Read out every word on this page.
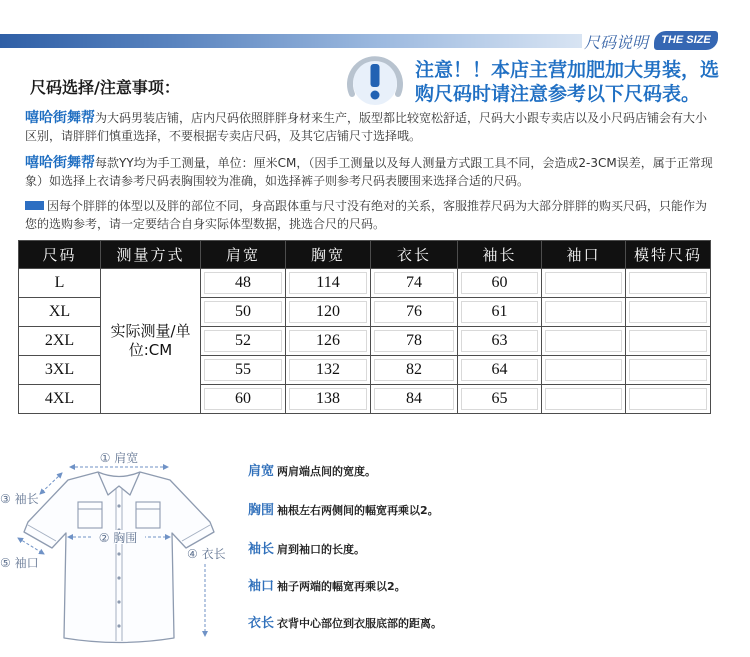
尺码说明	THE SIZE
尺码选择/注意事项：
注意！！本店主营加肥加大男装，选
购尺码时请注意参考以下尺码表。

嘻哈街舞帮为大码男装店铺，店内尺码依照胖胖身材来生产，版型都比较宽松舒适，尺码大小跟专卖店以及小尺码店铺会有大小区别，请胖胖们慎重选择，不要根据专卖店尺码，及其它店铺尺寸选择哦。

嘻哈街舞帮每款YY均为手工测量，单位：厘米CM，（因手工测量以及每人测量方式跟工具不同，会造成2-3CM误差，属于正常现象）如选择上衣请参考尺码表胸围较为准确，如选择裤子则参考尺码表腰围来选择合适的尺码。

因每个胖胖的体型以及胖的部位不同，身高跟体重与尺寸没有绝对的关系，客服推荐尺码为大部分胖胖的购买尺码，只能作为您的选购参考，请一定要结合自身实际体型数据，挑选合尺的尺码。

尺码	测量方式	肩宽	胸宽	衣长	袖长	袖口	模特尺码
L	实际测量/单位:CM	48	114	74	60		
XL		50	120	76	61		
2XL		52	126	78	63		
3XL		55	132	82	64		
4XL		60	138	84	65		
① 肩宽
③ 袖长
⑤ 袖口
② 胸围
④ 衣长
肩宽 两肩端点间的宽度。
胸围 袖根左右两侧间的幅宽再乘以2。
袖长 肩到袖口的长度。
袖口 袖子两端的幅宽再乘以2。
衣长 衣背中心部位到衣服底部的距离。
